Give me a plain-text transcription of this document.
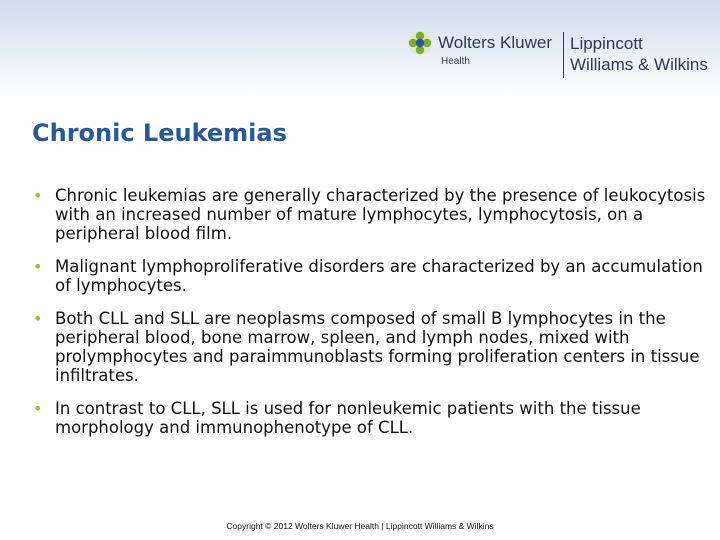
Wolters Kluwer
Health
Lippincott
Williams & Wilkins
Chronic Leukemias
• Chronic leukemias are generally characterized by the presence of leukocytosis with an increased number of mature lymphocytes, lymphocytosis, on a peripheral blood film.
• Malignant lymphoproliferative disorders are characterized by an accumulation of lymphocytes.
• Both CLL and SLL are neoplasms composed of small B lymphocytes in the peripheral blood, bone marrow, spleen, and lymph nodes, mixed with prolymphocytes and paraimmunoblasts forming proliferation centers in tissue infiltrates.
• In contrast to CLL, SLL is used for nonleukemic patients with the tissue morphology and immunophenotype of CLL.
Copyright © 2012 Wolters Kluwer Health | Lippincott Williams & Wilkins
